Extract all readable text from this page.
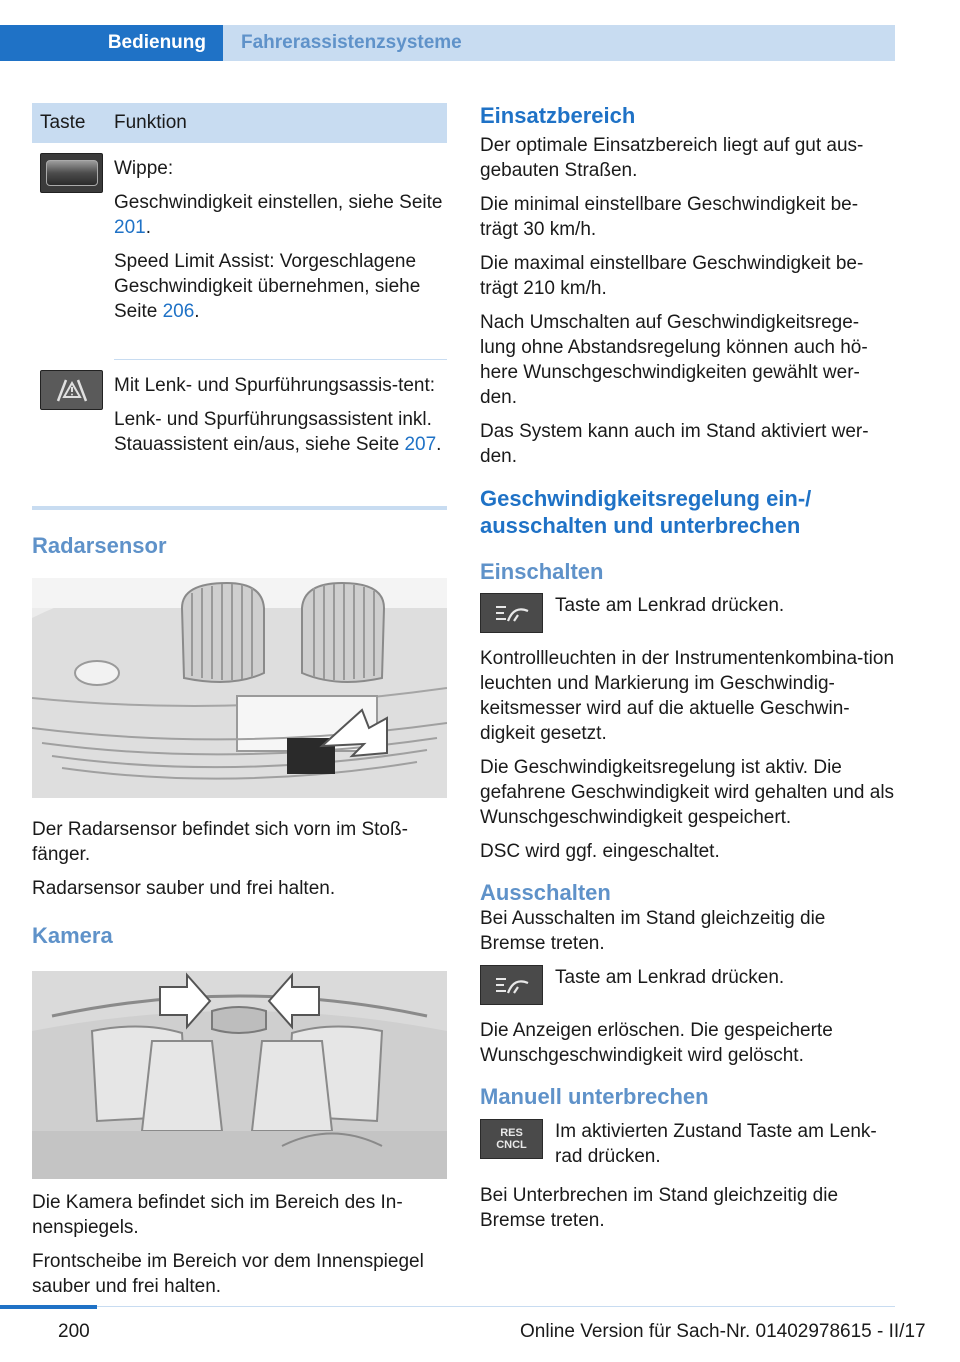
Bedienung	Fahrerassistenzsysteme
Taste	Funktion

Wippe:

Geschwindigkeit einstellen, siehe Seite 201.

Speed Limit Assist: Vorgeschlagene Geschwindigkeit übernehmen, siehe Seite 206.

Mit Lenk- und Spurführungsassis-tent:

Lenk- und Spurführungsassistent inkl. Stauassistent ein/aus, siehe Seite 207.

Radarsensor

Der Radarsensor befindet sich vorn im Stoß-fänger.

Radarsensor sauber und frei halten.

Kamera

Die Kamera befindet sich im Bereich des In-nenspiegels.

Frontscheibe im Bereich vor dem Innenspiegel sauber und frei halten.

Einsatzbereich

Der optimale Einsatzbereich liegt auf gut aus-gebauten Straßen.

Die minimal einstellbare Geschwindigkeit be-trägt 30 km/h.

Die maximal einstellbare Geschwindigkeit be-trägt 210 km/h.

Nach Umschalten auf Geschwindigkeitsrege-lung ohne Abstandsregelung können auch hö-here Wunschgeschwindigkeiten gewählt wer-den.

Das System kann auch im Stand aktiviert wer-den.

Geschwindigkeitsregelung ein-/ ausschalten und unterbrechen
Einschalten
Taste am Lenkrad drücken.

Kontrollleuchten in der Instrumentenkombina-tion leuchten und Markierung im Geschwindig-keitsmesser wird auf die aktuelle Geschwin-digkeit gesetzt.

Die Geschwindigkeitsregelung ist aktiv. Die gefahrene Geschwindigkeit wird gehalten und als Wunschgeschwindigkeit gespeichert.

DSC wird ggf. eingeschaltet.

Ausschalten

Bei Ausschalten im Stand gleichzeitig die Bremse treten.

Taste am Lenkrad drücken.

Die Anzeigen erlöschen. Die gespeicherte Wunschgeschwindigkeit wird gelöscht.

Manuell unterbrechen
RES
CNCL
Im aktivierten Zustand Taste am Lenk-rad drücken.

Bei Unterbrechen im Stand gleichzeitig die Bremse treten.

200	Online Version für Sach-Nr. 01402978615 - II/17
